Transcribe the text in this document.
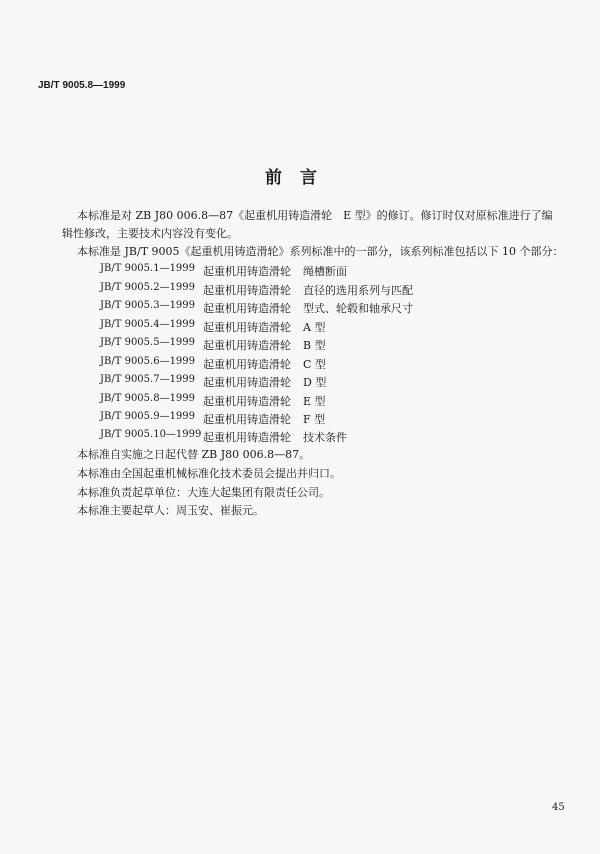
JB/T 9005.8—1999
前言
本标准是对 ZB J80 006.8—87《起重机用铸造滑轮　E 型》的修订。修订时仅对原标准进行了编
辑性修改，主要技术内容没有变化。
本标准是 JB/T 9005《起重机用铸造滑轮》系列标准中的一部分，该系列标准包括以下 10 个部分：
JB/T 9005.1—1999 起重机用铸造滑轮 绳槽断面
JB/T 9005.2—1999 起重机用铸造滑轮 直径的选用系列与匹配
JB/T 9005.3—1999 起重机用铸造滑轮 型式、轮毂和轴承尺寸
JB/T 9005.4—1999 起重机用铸造滑轮 A 型
JB/T 9005.5—1999 起重机用铸造滑轮 B 型
JB/T 9005.6—1999 起重机用铸造滑轮 C 型
JB/T 9005.7—1999 起重机用铸造滑轮 D 型
JB/T 9005.8—1999 起重机用铸造滑轮 E 型
JB/T 9005.9—1999 起重机用铸造滑轮 F 型
JB/T 9005.10—1999 起重机用铸造滑轮 技术条件
本标准自实施之日起代替 ZB J80 006.8—87。
本标准由全国起重机械标准化技术委员会提出并归口。
本标准负责起草单位：大连大起集团有限责任公司。
本标准主要起草人：周玉安、崔振元。
45
